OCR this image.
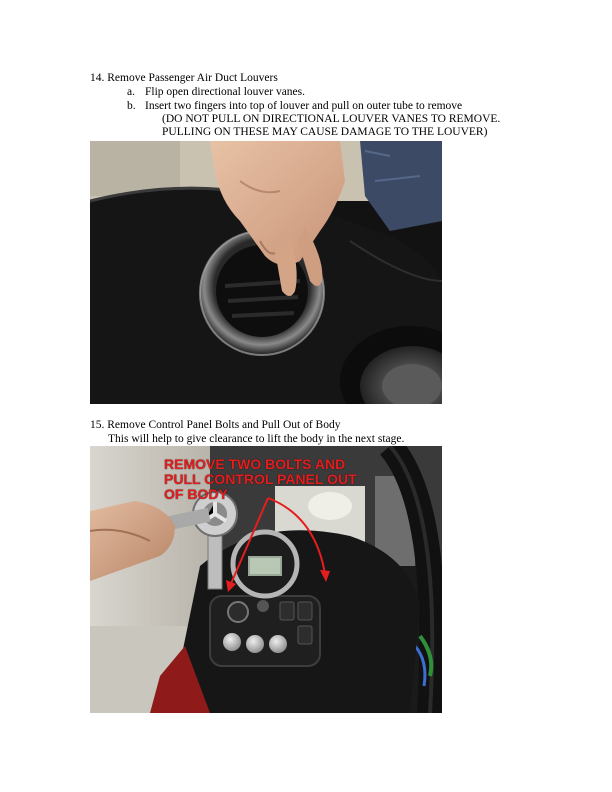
14. Remove Passenger Air Duct Louvers
a. Flip open directional louver vanes.
b. Insert two fingers into top of louver and pull on outer tube to remove
(DO NOT PULL ON DIRECTIONAL LOUVER VANES TO REMOVE.
PULLING ON THESE MAY CAUSE DAMAGE TO THE LOUVER)
15. Remove Control Panel Bolts and Pull Out of Body
This will help to give clearance to lift the body in the next stage.
REMOVE TWO BOLTS AND
PULL CONTROL PANEL OUT
OF BODY
